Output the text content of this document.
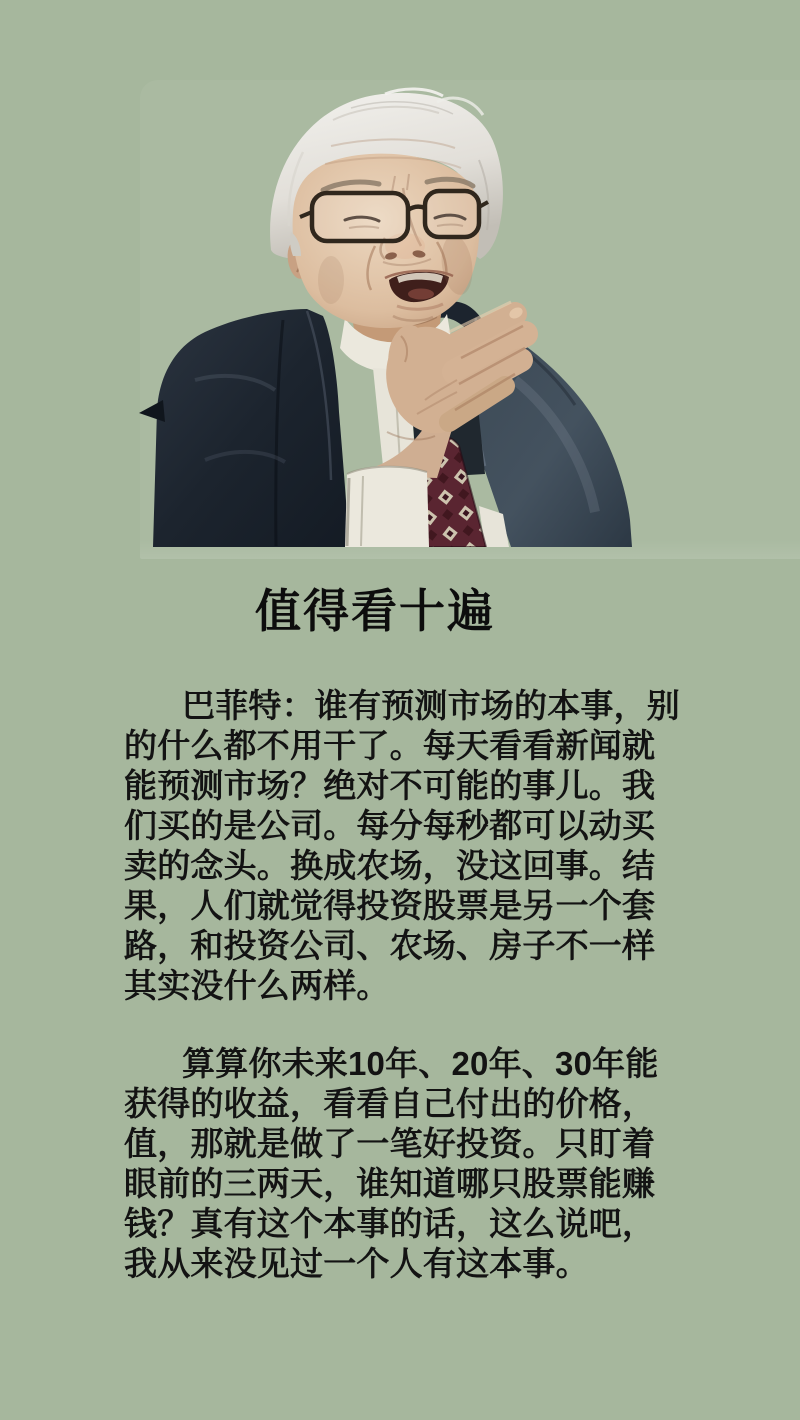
值得看十遍
巴菲特：谁有预测市场的本事，别
的什么都不用干了。每天看看新闻就
能预测市场？绝对不可能的事儿。我
们买的是公司。每分每秒都可以动买
卖的念头。换成农场，没这回事。结
果，人们就觉得投资股票是另一个套
路，和投资公司、农场、房子不一样
其实没什么两样。
算算你未来10年、20年、30年能
获得的收益，看看自己付出的价格，
值，那就是做了一笔好投资。只盯着
眼前的三两天，谁知道哪只股票能赚
钱？真有这个本事的话，这么说吧，
我从来没见过一个人有这本事。
